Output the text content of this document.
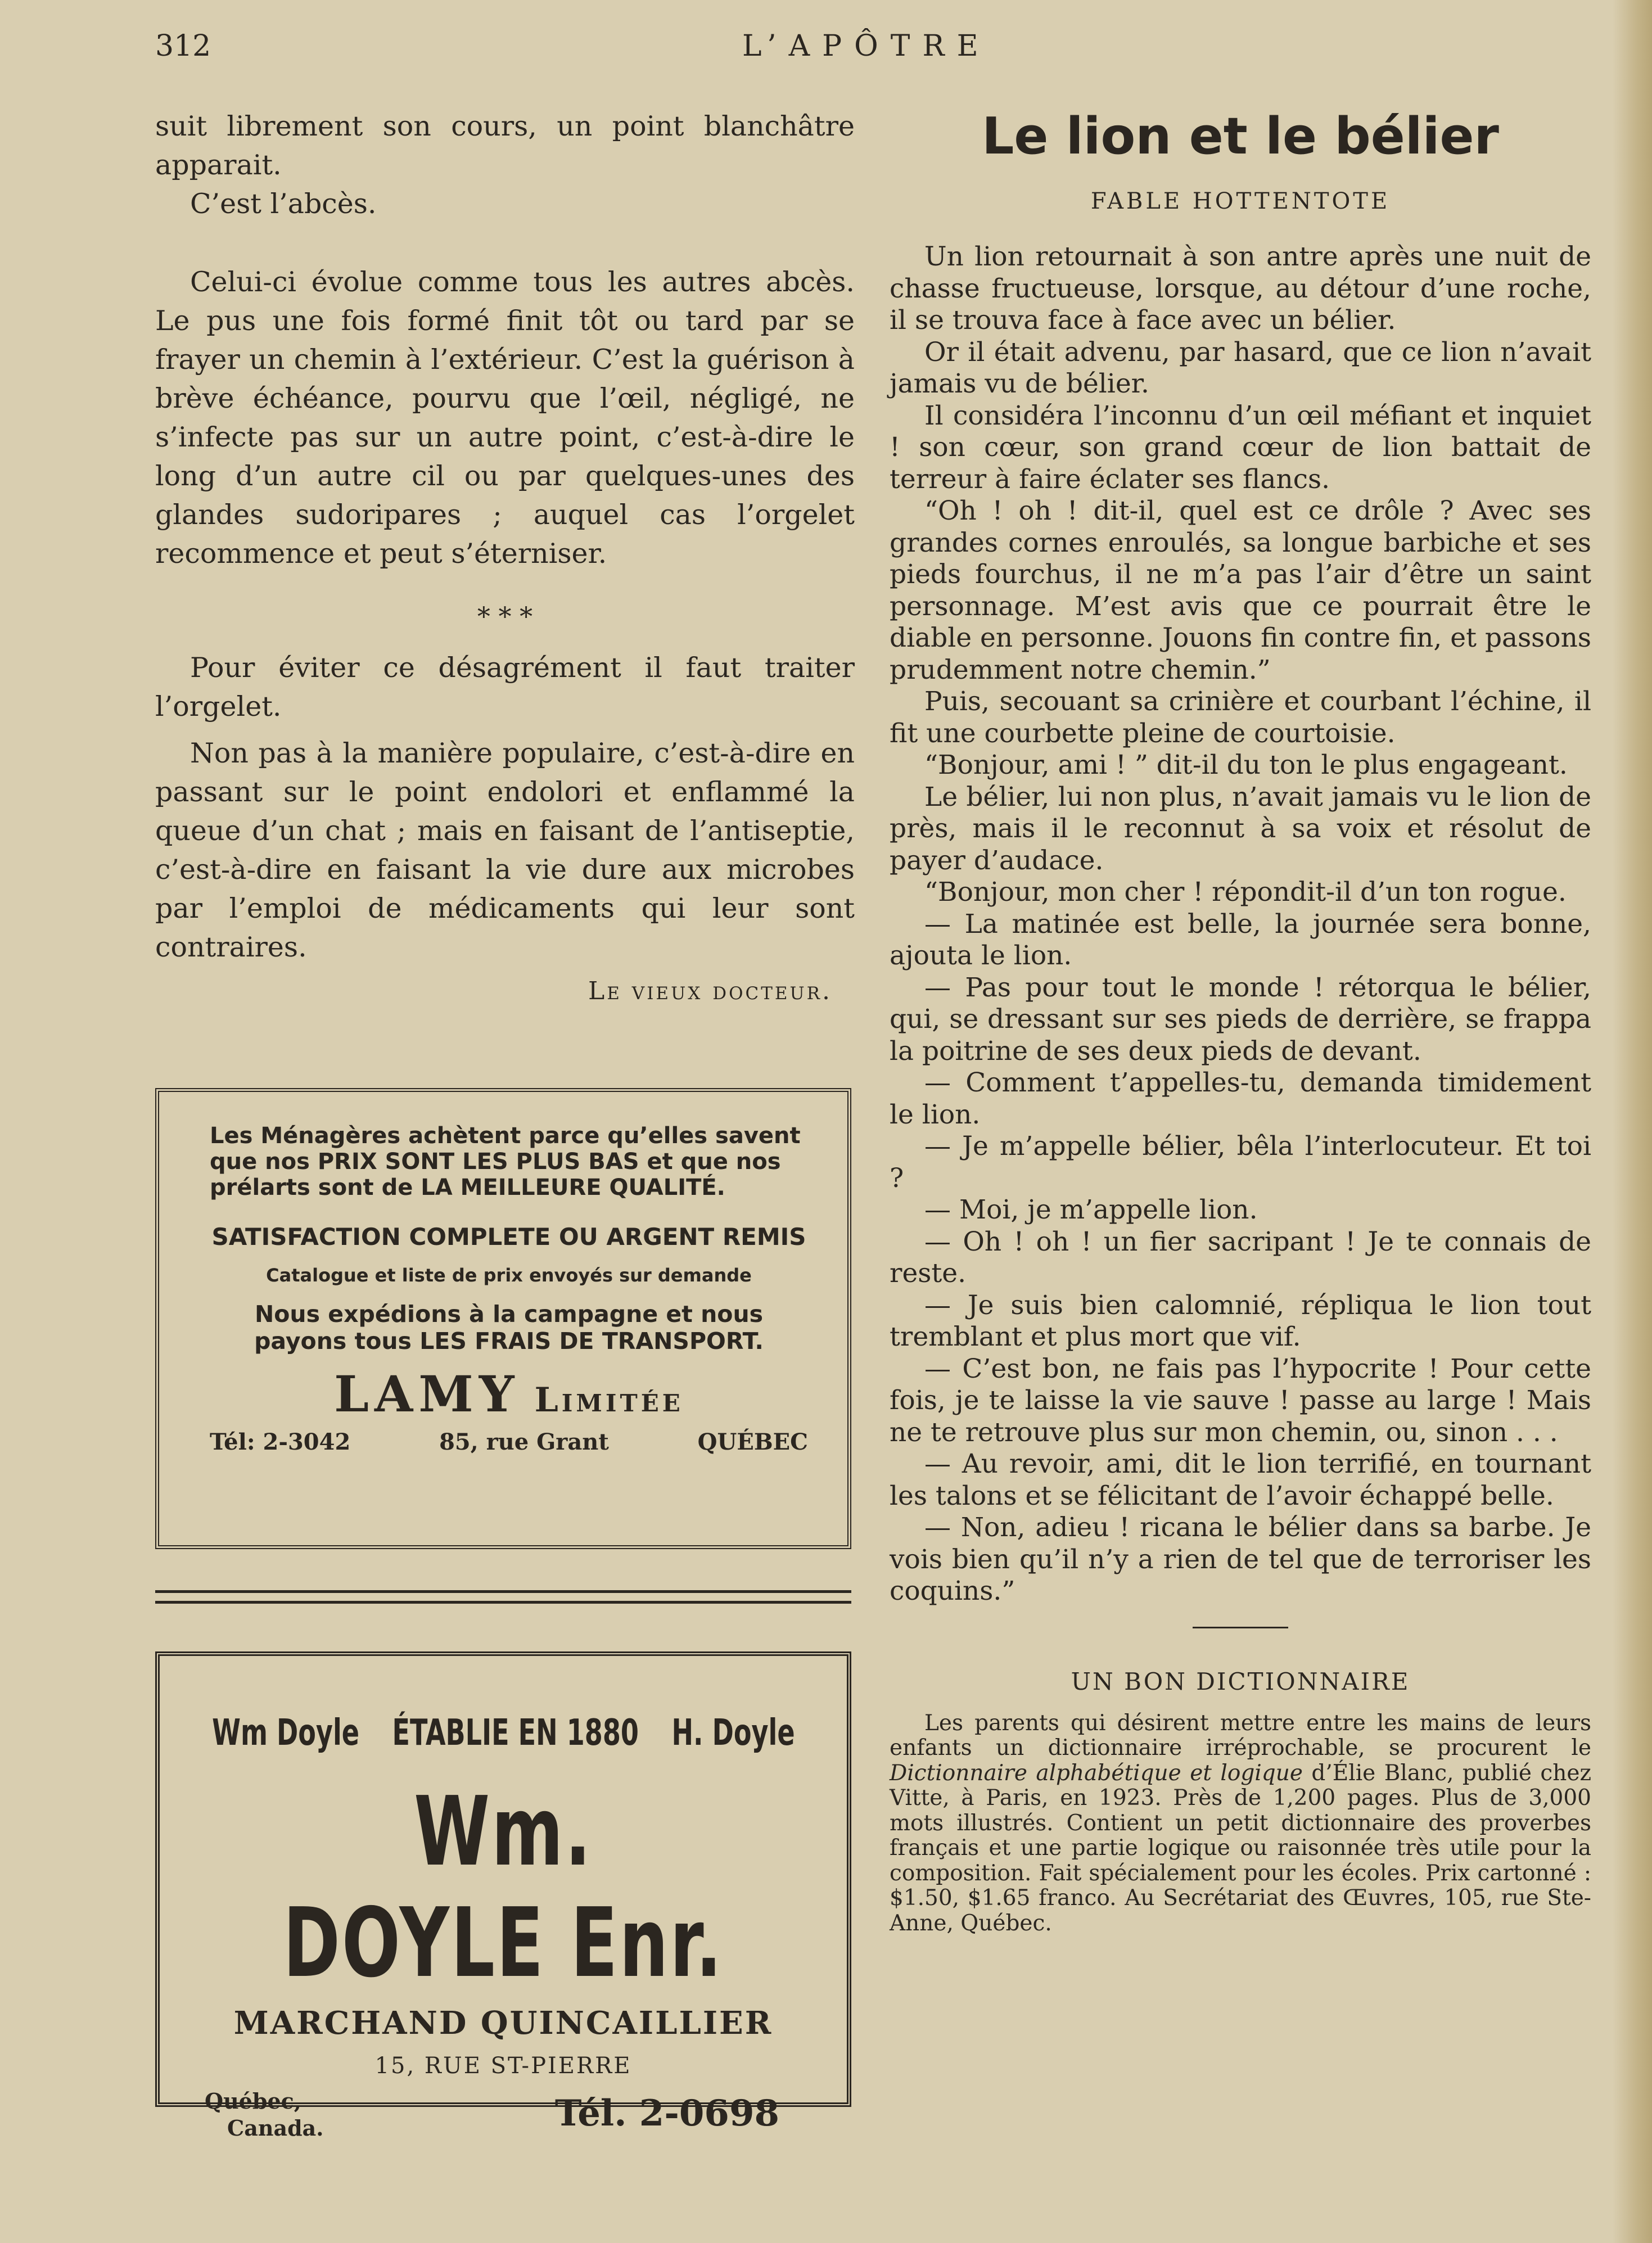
312	L’APÔTRE

suit librement son cours, un point blanchâtre apparait.

C’est l’abcès.

Celui-ci évolue comme tous les autres abcès. Le pus une fois formé finit tôt ou tard par se frayer un chemin à l’extérieur. C’est la guérison à brève échéance, pourvu que l’œil, négligé, ne s’infecte pas sur un autre point, c’est-à-dire le long d’un autre cil ou par quelques-unes des glandes sudoripares ; auquel cas l’orgelet recommence et peut s’éterniser.

* * *

Pour éviter ce désagrément il faut traiter l’orgelet.

Non pas à la manière populaire, c’est-à-dire en passant sur le point endolori et enflammé la queue d’un chat ; mais en faisant de l’antiseptie, c’est-à-dire en faisant la vie dure aux microbes par l’emploi de médicaments qui leur sont contraires.

Le vieux docteur.

Les Ménagères achètent parce qu’elles savent que nos PRIX SONT LES PLUS BAS et que nos prélarts sont de LA MEILLEURE QUALITÉ.

SATISFACTION COMPLETE OU ARGENT REMIS

Catalogue et liste de prix envoyés sur demande

Nous expédions à la campagne et nous payons tous LES FRAIS DE TRANSPORT.

LAMY Limitée
Tél: 2-3042	85, rue Grant	QUÉBEC
Wm Doyle ÉTABLIE EN 1880 H. Doyle
Wm. DOYLE Enr.

MARCHAND QUINCAILLIER

15, RUE ST-PIERRE

Québec,
Canada.	Tél. 2-0698
Le lion et le bélier
FABLE HOTTENTOTE

Un lion retournait à son antre après une nuit de chasse fructueuse, lorsque, au détour d’une roche, il se trouva face à face avec un bélier.

Or il était advenu, par hasard, que ce lion n’avait jamais vu de bélier.

Il considéra l’inconnu d’un œil méfiant et inquiet ! son cœur, son grand cœur de lion battait de terreur à faire éclater ses flancs.

“Oh ! oh ! dit-il, quel est ce drôle ? Avec ses grandes cornes enroulés, sa longue barbiche et ses pieds fourchus, il ne m’a pas l’air d’être un saint personnage. M’est avis que ce pourrait être le diable en personne. Jouons fin contre fin, et passons prudemment notre chemin.”

Puis, secouant sa crinière et courbant l’échine, il fit une courbette pleine de courtoisie.

“Bonjour, ami ! ” dit-il du ton le plus engageant.

Le bélier, lui non plus, n’avait jamais vu le lion de près, mais il le reconnut à sa voix et résolut de payer d’audace.

“Bonjour, mon cher ! répondit-il d’un ton rogue.

— La matinée est belle, la journée sera bonne, ajouta le lion.

— Pas pour tout le monde ! rétorqua le bélier, qui, se dressant sur ses pieds de derrière, se frappa la poitrine de ses deux pieds de devant.

— Comment t’appelles-tu, demanda timidement le lion.

— Je m’appelle bélier, bêla l’interlocuteur. Et toi ?

— Moi, je m’appelle lion.

— Oh ! oh ! un fier sacripant ! Je te connais de reste.

— Je suis bien calomnié, répliqua le lion tout tremblant et plus mort que vif.

— C’est bon, ne fais pas l’hypocrite ! Pour cette fois, je te laisse la vie sauve ! passe au large ! Mais ne te retrouve plus sur mon chemin, ou, sinon . . .

— Au revoir, ami, dit le lion terrifié, en tournant les talons et se félicitant de l’avoir échappé belle.

— Non, adieu ! ricana le bélier dans sa barbe. Je vois bien qu’il n’y a rien de tel que de terroriser les coquins.”

UN BON DICTIONNAIRE

Les parents qui désirent mettre entre les mains de leurs enfants un dictionnaire irréprochable, se procurent le Dictionnaire alphabétique et logique d’Élie Blanc, publié chez Vitte, à Paris, en 1923. Près de 1,200 pages. Plus de 3,000 mots illustrés. Contient un petit dictionnaire des proverbes français et une partie logique ou raisonnée très utile pour la composition. Fait spécialement pour les écoles. Prix cartonné : $1.50, $1.65 franco. Au Secrétariat des Œuvres, 105, rue Ste-Anne, Québec.
